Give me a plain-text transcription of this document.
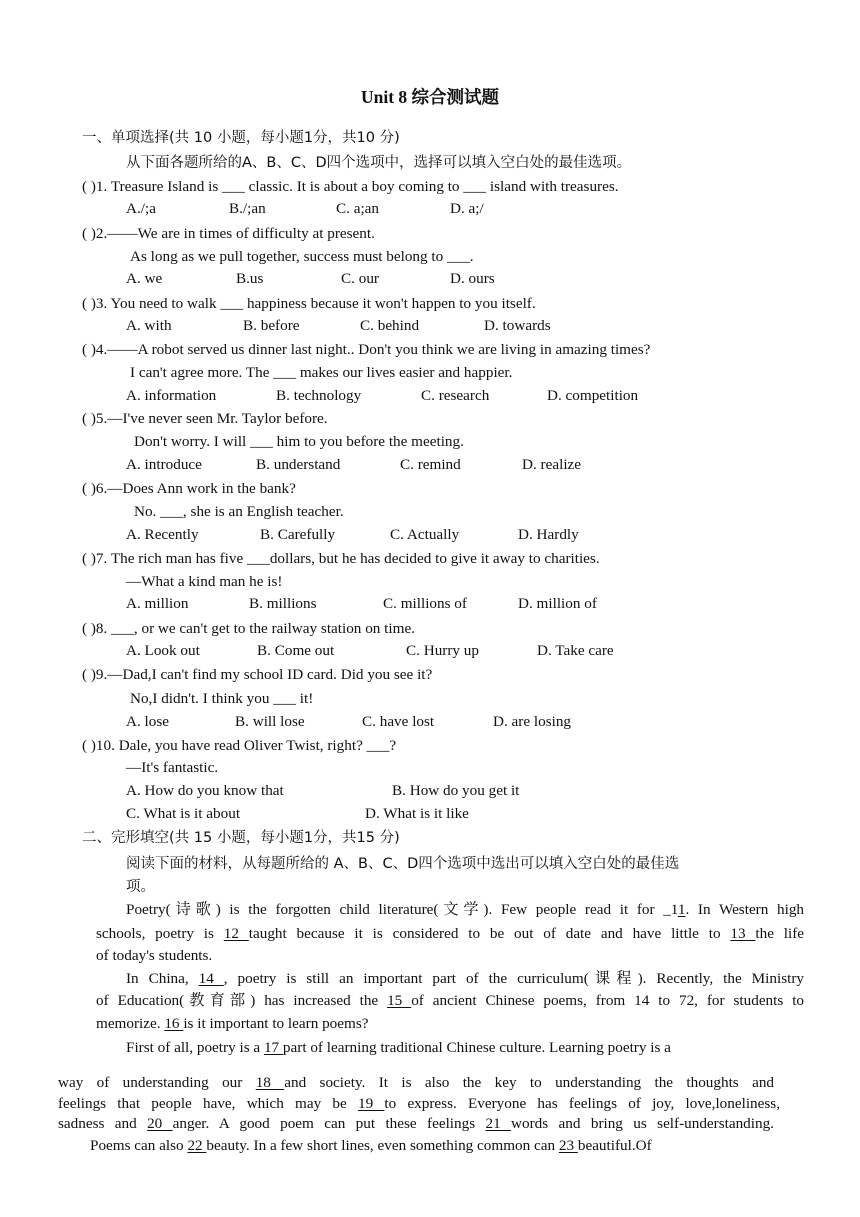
Unit 8 综合测试题
一、单项选择(共 10 小题，每小题1分，共10 分)
从下面各题所给的A、B、C、D四个选项中，选择可以填入空白处的最佳选项。
( )1. Treasure Island is ___ classic. It is about a boy coming to ___ island with treasures.
A./;a	B./;an	C. a;an	D. a;/
( )2.——We are in times of difficulty at present.
As long as we pull together, success must belong to ___.
A. we	B.us	C. our	D. ours
( )3. You need to walk ___ happiness because it won't happen to you itself.
A. with	B. before	C. behind	D. towards
( )4.——A robot served us dinner last night.. Don't you think we are living in amazing times?
I can't agree more. The ___ makes our lives easier and happier.
A. information	B. technology	C. research	D. competition
( )5.—I've never seen Mr. Taylor before.
Don't worry. I will ___ him to you before the meeting.
A. introduce	B. understand	C. remind	D. realize
( )6.—Does Ann work in the bank?
No. ___, she is an English teacher.
A. Recently	B. Carefully	C. Actually	D. Hardly
( )7. The rich man has five ___dollars, but he has decided to give it away to charities.
—What a kind man he is!
A. million	B. millions	C. millions of	D. million of
( )8. ___, or we can't get to the railway station on time.
A. Look out	B. Come out	C. Hurry up	D. Take care
( )9.—Dad,I can't find my school ID card. Did you see it?
No,I didn't. I think you ___ it!
A. lose	B. will lose	C. have lost	D. are losing
( )10. Dale, you have read Oliver Twist, right? ___?
—It's fantastic.
A. How do you know that	B. How do you get it
C. What is it about	D. What is it like
二、完形填空(共 15 小题，每小题1分，共15 分)
阅读下面的材料，从每题所给的 A、B、C、D四个选项中选出可以填入空白处的最佳选
项。
Poetry(诗歌) is the forgotten child literature(文学). Few people read it for _11. In Western high
schools, poetry is 12 taught because it is considered to be out of date and have little to 13 the life
of today's students.
In China, 14 , poetry is still an important part of the curriculum(课程). Recently, the Ministry
of Education(教育部) has increased the 15 of ancient Chinese poems, from 14 to 72, for students to
memorize. 16 is it important to learn poems?
First of all, poetry is a 17 part of learning traditional Chinese culture. Learning poetry is a
way of understanding our 18 and society. It is also the key to understanding the thoughts and
feelings that people have, which may be 19 to express. Everyone has feelings of joy, love,loneliness,
sadness and 20 anger. A good poem can put these feelings 21 words and bring us self-understanding.
Poems can also 22 beauty. In a few short lines, even something common can 23 beautiful.Of
